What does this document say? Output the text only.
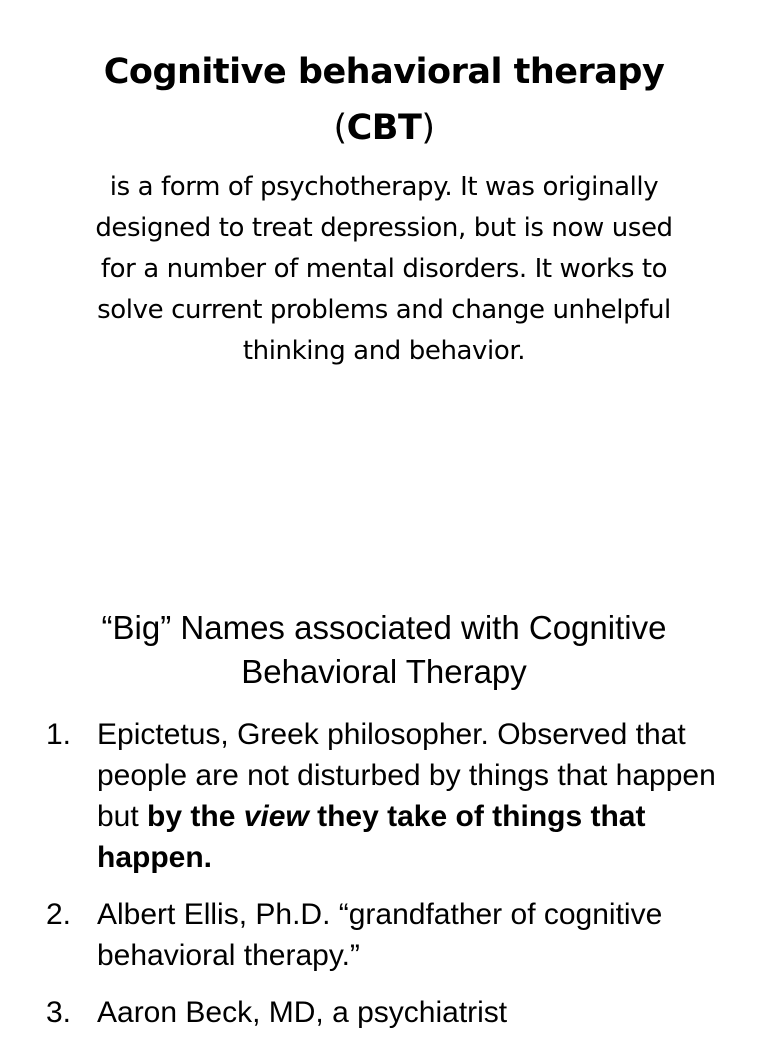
Cognitive behavioral therapy
(CBT)
is a form of psychotherapy. It was originally
designed to treat depression, but is now used
for a number of mental disorders. It works to
solve current problems and change unhelpful
thinking and behavior.
“Big” Names associated with Cognitive
Behavioral Therapy
1. Epictetus, Greek philosopher. Observed that people are not disturbed by things that happen but by the view they take of things that happen.
2. Albert Ellis, Ph.D. “grandfather of cognitive behavioral therapy.”
3. Aaron Beck, MD, a psychiatrist
